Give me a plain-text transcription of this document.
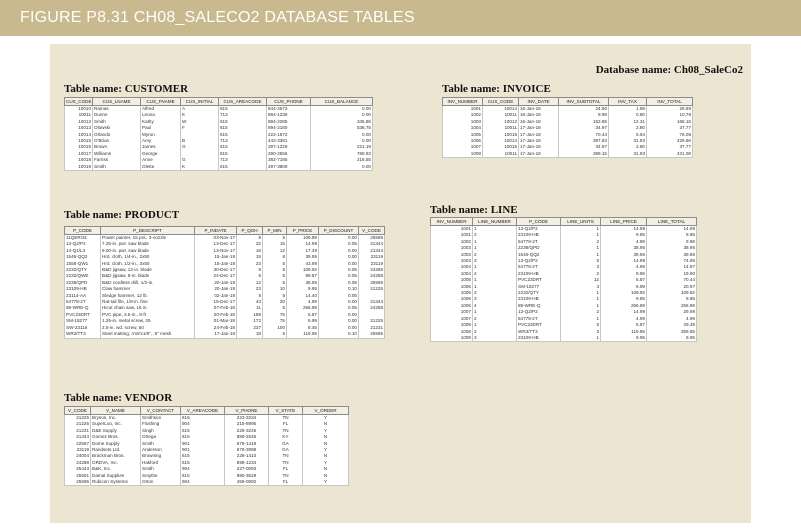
FIGURE P8.31 CH08_SALECO2 DATABASE TABLES
Database name: Ch08_SaleCo2
Table name: CUSTOMER
CUS_CODE	CUS_LNAME	CUS_FNAME	CUS_INITIAL	CUS_AREACODE	CUS_PHONE	CUS_BALANCE
10010	Ramas	Alfred	A	615	844-2573	0.00
10011	Dunne	Leona	K	713	894-1238	0.00
10012	Smith	Kathy	W	615	894-2285	345.86
10013	Olowski	Paul	F	615	894-2180	536.75
10014	Orlando	Myron		615	222-1672	0.00
10015	O'Brian	Amy	B	713	442-3381	0.00
10016	Brown	James	G	615	297-1228	221.19
10017	Williams	George		615	290-2556	768.93
10018	Farriss	Anne	G	713	382-7185	216.55
10019	Smith	Olette	K	615	297-3809	0.00
Table name: INVOICE
INV_NUMBER	CUS_CODE	INV_DATE	INV_SUBTOTAL	INV_TAX	INV_TOTAL
1001	10014	16-Jan-18	24.90	1.99	26.89
1002	10011	16-Jan-18	9.98	0.80	10.78
1003	10012	16-Jan-18	153.85	12.31	166.16
1004	10011	17-Jan-18	34.97	2.80	37.77
1005	10018	17-Jan-18	70.44	5.64	76.08
1006	10014	17-Jan-18	397.83	31.83	429.66
1007	10015	17-Jan-18	34.97	2.80	37.77
1008	10011	17-Jan-18	399.15	31.93	431.08
Table name: PRODUCT
P_CODE	P_DESCRIPT	P_INDATE	P_QOH	P_MIN	P_PRICE	P_DISCOUNT	V_CODE
11QER/31	Power painter, 15 psi., 3-nozzle	03-Nov-17	8	5	109.99	0.00	25595
13-Q2/P2	7.25-in. pwr. saw blade	13-Dec-17	32	15	14.99	0.05	21344
14-Q1/L3	9.00-in. pwr. saw blade	13-Nov-17	18	12	17.49	0.00	21344
1546-QQ2	Hrd. cloth, 1/4-in., 2x50	15-Jan-18	15	8	39.95	0.00	23119
1558-QW1	Hrd. cloth, 1/2-in., 3x50	15-Jan-18	23	5	43.99	0.00	23119
2232/QTY	B&D jigsaw, 12-in. blade	30-Dec-17	8	5	109.92	0.05	24288
2232/QWE	B&D jigsaw, 8-in. blade	24-Dec-17	6	5	99.87	0.05	24288
2238/QPD	B&D cordless drill, 1/2-in.	20-Jan-18	12	5	38.95	0.05	25595
23109-HB	Claw hammer	20-Jan-18	23	10	9.95	0.10	21225
23114-AA	Sledge hammer, 12 lb.	02-Jan-18	8	5	14.40	0.05	
54778-2T	Rat-tail file, 1/8-in. fine	15-Dec-17	43	20	4.99	0.00	21344
89-WRE-Q	Hicut chain saw, 16 in.	07-Feb-18	11	5	256.99	0.05	24288
PVC23DRT	PVC pipe, 3.5-in., 8-ft	20-Feb-18	188	75	5.87	0.00	
SM-18277	1.25-in. metal screw, 25	01-Mar-18	172	75	6.99	0.00	21225
SW-23116	2.5-in. wd. screw, 50	24-Feb-18	237	100	8.45	0.00	21231
WR3/TT3	Steel matting, 4'x8'x1/6", .5" mesh	17-Jan-18	18	5	119.95	0.10	25595
Table name: LINE
INV_NUMBER	LINE_NUMBER	P_CODE	LINE_UNITS	LINE_PRICE	LINE_TOTAL
1001	1	13-Q2/P2	1	14.99	14.99
1001	2	23109-HB	1	9.95	9.95
1002	1	54778-2T	2	4.99	9.98
1003	1	2238/QPD	1	38.95	38.95
1003	2	1546-QQ2	1	39.95	39.95
1003	3	13-Q2/P2	5	14.99	74.95
1004	1	54778-2T	3	4.99	14.97
1004	2	23109-HB	2	9.95	19.90
1005	1	PVC23DRT	12	5.87	70.44
1006	1	SM-18277	3	6.99	20.97
1006	2	2232/QTY	1	109.92	109.92
1006	3	23109-HB	1	9.95	9.95
1006	4	89-WRE-Q	1	256.99	256.99
1007	1	13-Q2/P2	2	14.99	29.98
1007	2	54778-2T	1	4.99	4.99
1008	1	PVC23DRT	5	5.87	29.35
1008	2	WR3/TT3	3	119.95	359.85
1008	3	23109-HB	1	9.95	9.95
Table name: VENDOR
V_CODE	V_NAME	V_CONTACT	V_AREACODE	V_PHONE	V_STATE	V_ORDER
21225	Bryson, Inc.	Smithson	615	223-3234	TN	Y
21226	SuperLoo, Inc.	Flushing	904	215-8995	FL	N
21231	D&E Supply	Singh	615	228-3245	TN	Y
21344	Gomez Bros.	Ortega	615	889-2546	KY	N
22567	Dome Supply	Smith	901	678-1419	GA	N
23119	Randsets Ltd.	Anderson	901	678-3998	GA	Y
24004	Brackman Bros.	Browning	615	228-1410	TN	N
24288	ORDVA, Inc.	Hakford	615	898-1234	TN	Y
25443	B&K, Inc.	Smith	904	227-0093	FL	N
25501	Damal Supplies	Smythe	615	890-3529	TN	N
25595	Rubicon Systems	Orton	904	456-0092	FL	Y
